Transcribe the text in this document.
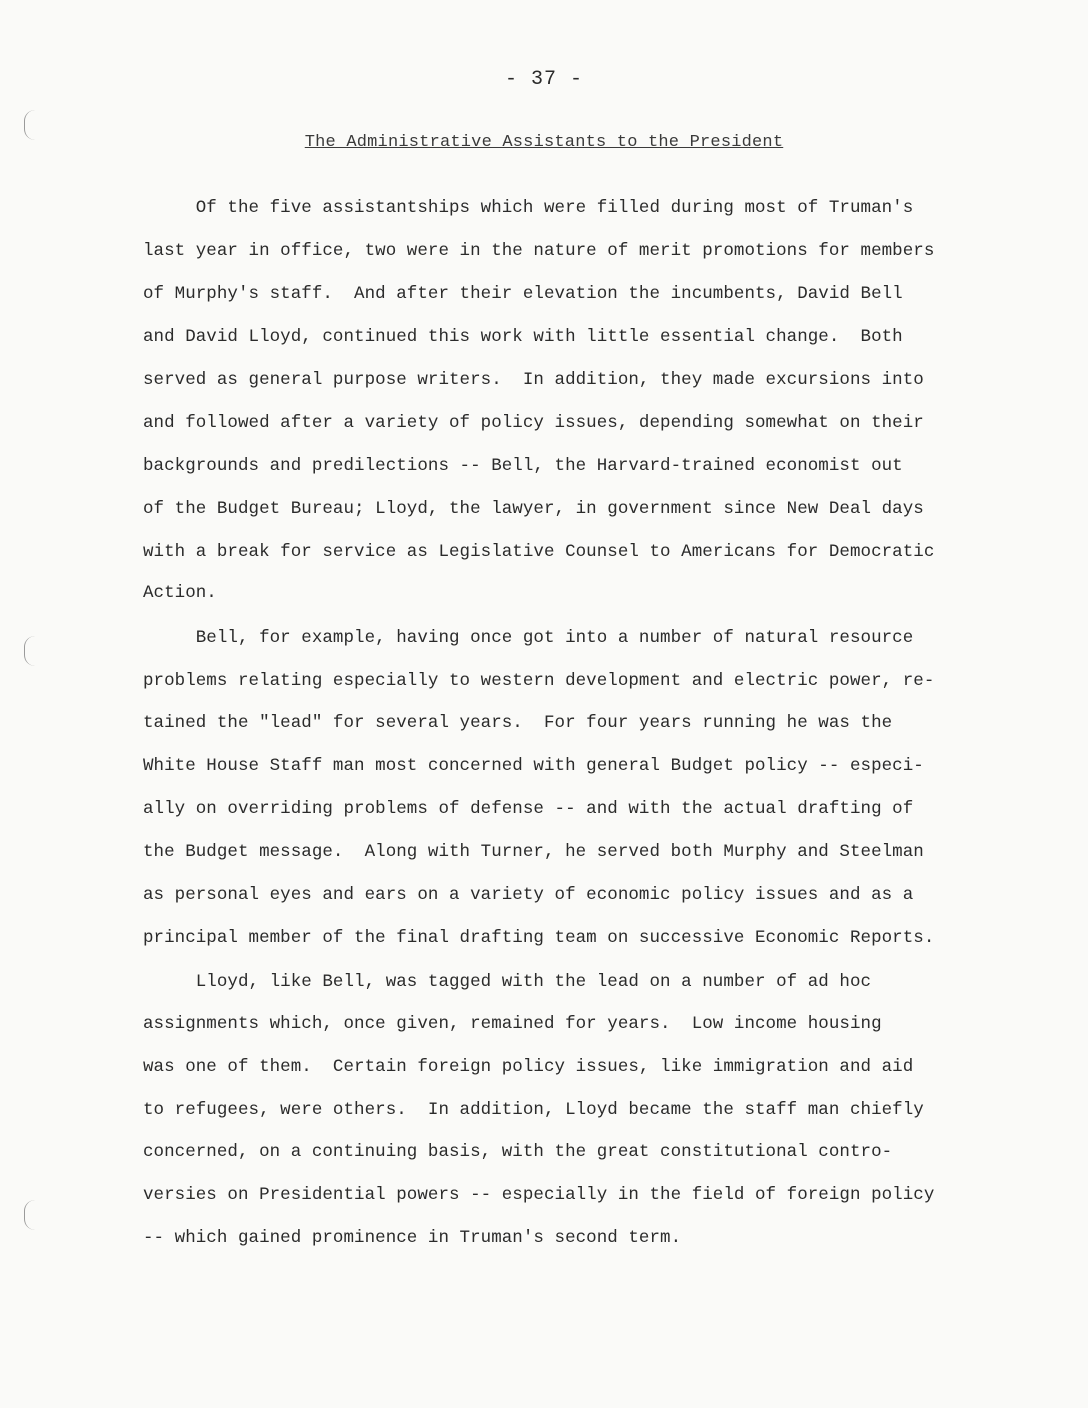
- 37 -
The Administrative Assistants to the President
Of the five assistantships which were filled during most of Truman's
last year in office, two were in the nature of merit promotions for members
of Murphy's staff.  And after their elevation the incumbents, David Bell
and David Lloyd, continued this work with little essential change.  Both
served as general purpose writers.  In addition, they made excursions into
and followed after a variety of policy issues, depending somewhat on their
backgrounds and predilections -- Bell, the Harvard-trained economist out
of the Budget Bureau; Lloyd, the lawyer, in government since New Deal days
with a break for service as Legislative Counsel to Americans for Democratic
Action.
Bell, for example, having once got into a number of natural resource
problems relating especially to western development and electric power, re-
tained the "lead" for several years.  For four years running he was the
White House Staff man most concerned with general Budget policy -- especi-
ally on overriding problems of defense -- and with the actual drafting of
the Budget message.  Along with Turner, he served both Murphy and Steelman
as personal eyes and ears on a variety of economic policy issues and as a
principal member of the final drafting team on successive Economic Reports.
Lloyd, like Bell, was tagged with the lead on a number of ad hoc
assignments which, once given, remained for years.  Low income housing
was one of them.  Certain foreign policy issues, like immigration and aid
to refugees, were others.  In addition, Lloyd became the staff man chiefly
concerned, on a continuing basis, with the great constitutional contro-
versies on Presidential powers -- especially in the field of foreign policy
-- which gained prominence in Truman's second term.
